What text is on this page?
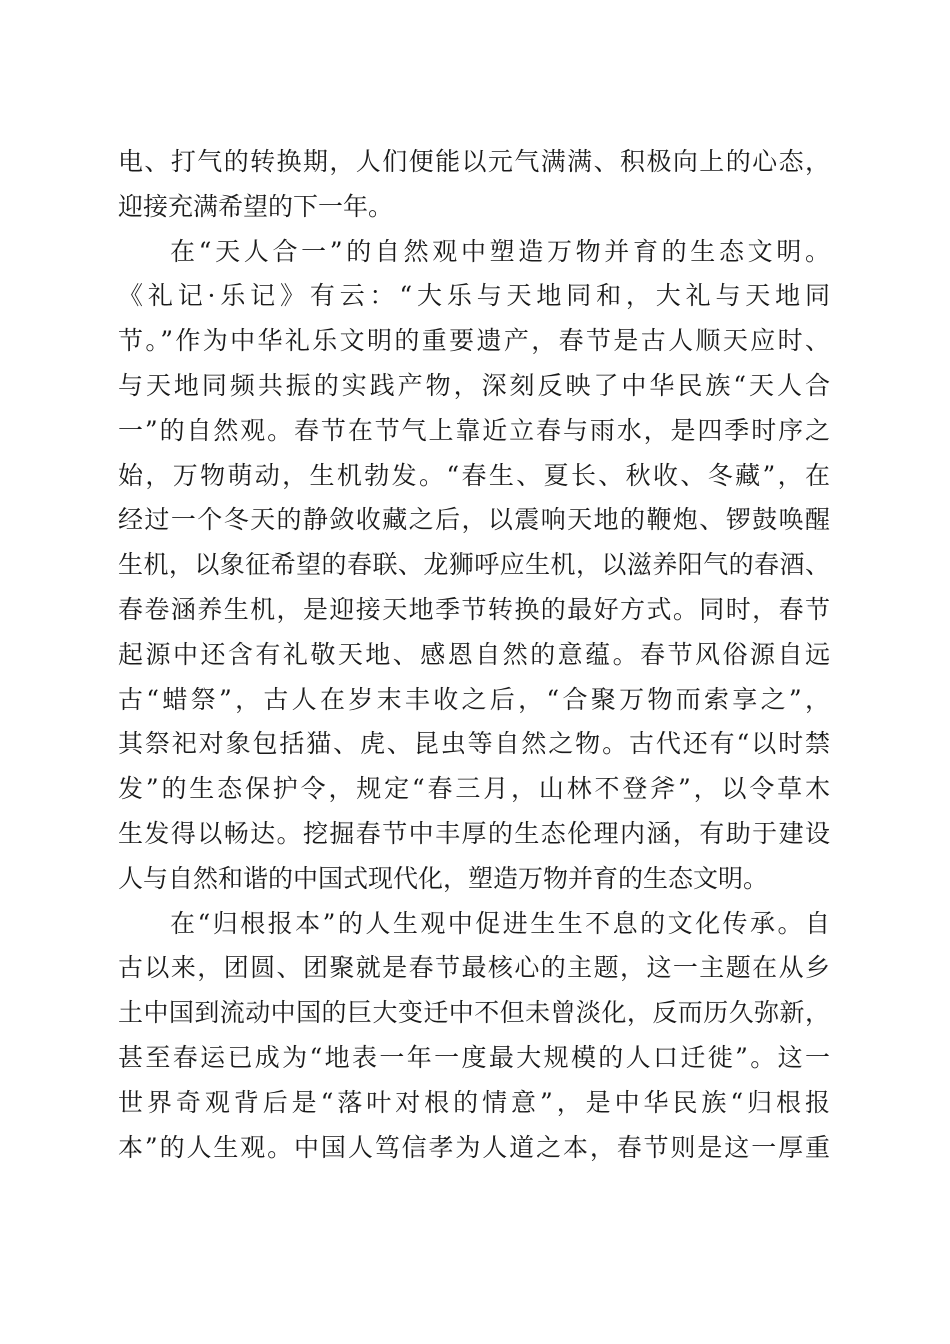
电、打气的转换期，人们便能以元气满满、积极向上的心态，
迎接充满希望的下一年。
在“天人合一”的自然观中塑造万物并育的生态文明。
《礼记·乐记》有云：“大乐与天地同和，大礼与天地同
节。”作为中华礼乐文明的重要遗产，春节是古人顺天应时、
与天地同频共振的实践产物，深刻反映了中华民族“天人合
一”的自然观。春节在节气上靠近立春与雨水，是四季时序之
始，万物萌动，生机勃发。“春生、夏长、秋收、冬藏”，在
经过一个冬天的静敛收藏之后，以震响天地的鞭炮、锣鼓唤醒
生机，以象征希望的春联、龙狮呼应生机，以滋养阳气的春酒、
春卷涵养生机，是迎接天地季节转换的最好方式。同时，春节
起源中还含有礼敬天地、感恩自然的意蕴。春节风俗源自远
古“蜡祭”，古人在岁末丰收之后，“合聚万物而索享之”，
其祭祀对象包括猫、虎、昆虫等自然之物。古代还有“以时禁
发”的生态保护令，规定“春三月，山林不登斧”，以令草木
生发得以畅达。挖掘春节中丰厚的生态伦理内涵，有助于建设
人与自然和谐的中国式现代化，塑造万物并育的生态文明。
在“归根报本”的人生观中促进生生不息的文化传承。自
古以来，团圆、团聚就是春节最核心的主题，这一主题在从乡
土中国到流动中国的巨大变迁中不但未曾淡化，反而历久弥新，
甚至春运已成为“地表一年一度最大规模的人口迁徙”。这一
世界奇观背后是“落叶对根的情意”，是中华民族“归根报
本”的人生观。中国人笃信孝为人道之本，春节则是这一厚重
